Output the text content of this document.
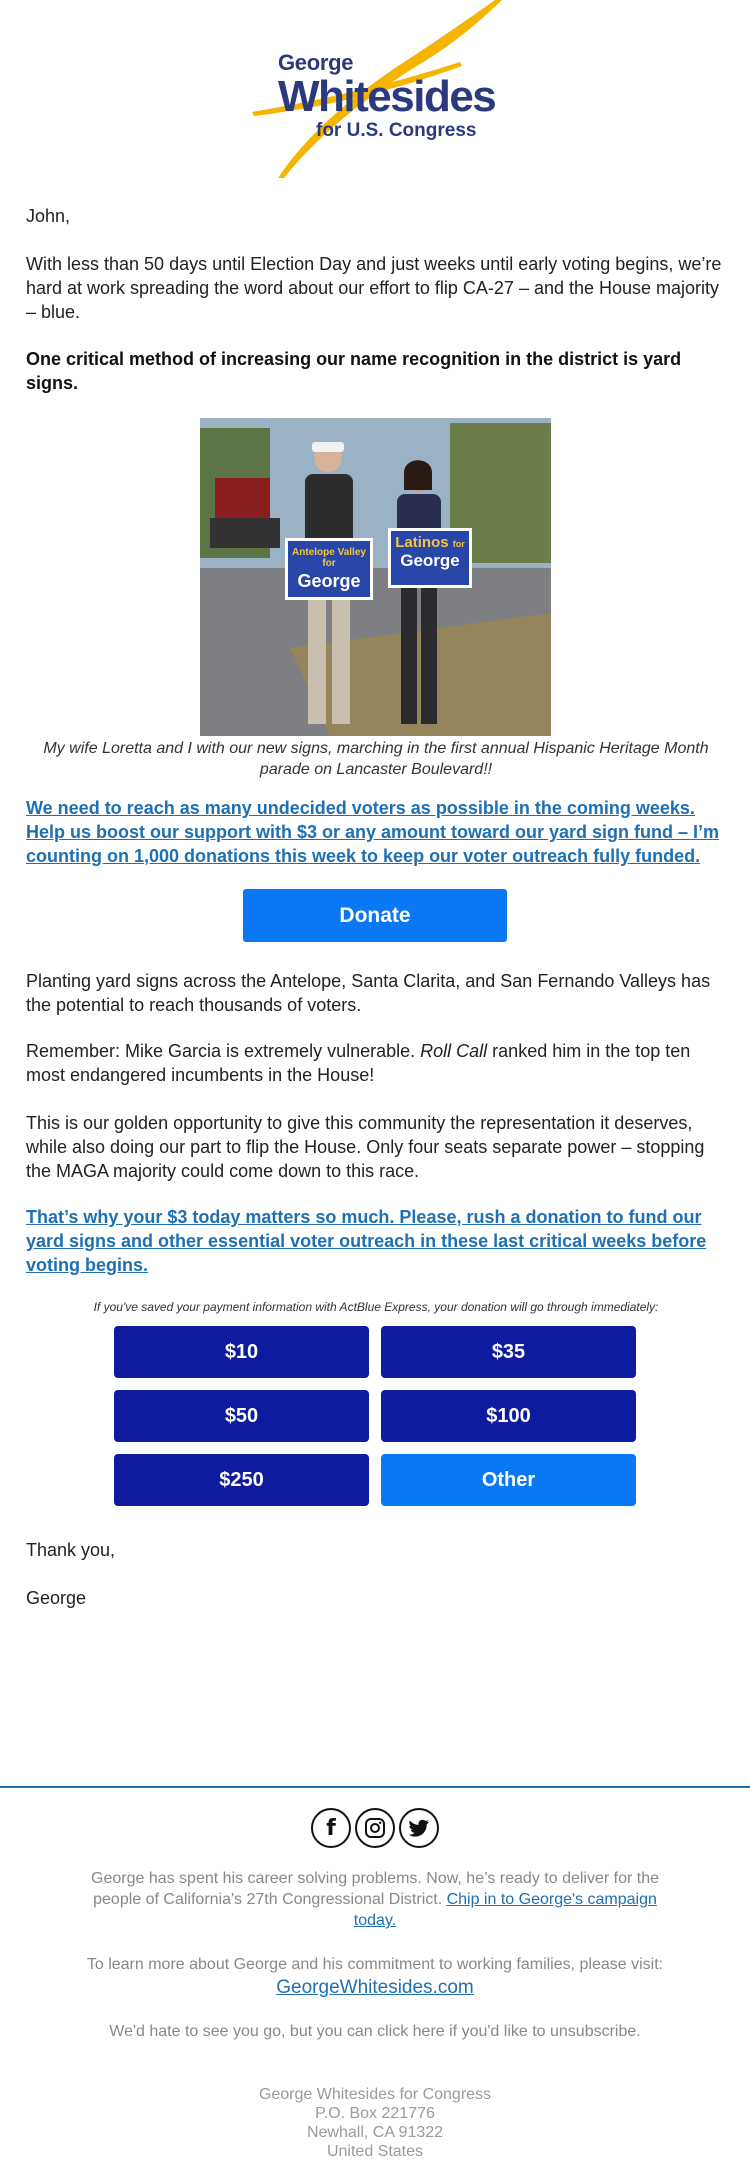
George
Whitesides
for U.S. Congress
John,
With less than 50 days until Election Day and just weeks until early voting begins, we’re hard at work spreading the word about our effort to flip CA-27 – and the House majority – blue.
One critical method of increasing our name recognition in the district is yard signs.
Antelope Valley for
George
Latinos for
George
My wife Loretta and I with our new signs, marching in the first annual Hispanic Heritage Month parade on Lancaster Boulevard!!
We need to reach as many undecided voters as possible in the coming weeks. Help us boost our support with $3 or any amount toward our yard sign fund – I’m counting on 1,000 donations this week to keep our voter outreach fully funded.
Donate
Planting yard signs across the Antelope, Santa Clarita, and San Fernando Valleys has the potential to reach thousands of voters.
Remember: Mike Garcia is extremely vulnerable. Roll Call ranked him in the top ten most endangered incumbents in the House!
This is our golden opportunity to give this community the representation it deserves, while also doing our part to flip the House. Only four seats separate power – stopping the MAGA majority could come down to this race.
That’s why your $3 today matters so much. Please, rush a donation to fund our yard signs and other essential voter outreach in these last critical weeks before voting begins.
If you've saved your payment information with ActBlue Express, your donation will go through immediately:
$10	$35
$50	$100
$250	Other
Thank you,
George
f
George has spent his career solving problems. Now, he’s ready to deliver for the people of California's 27th Congressional District. Chip in to George's campaign today.
To learn more about George and his commitment to working families, please visit:
GeorgeWhitesides.com
We'd hate to see you go, but you can click here if you'd like to unsubscribe.
George Whitesides for Congress
P.O. Box 221776
Newhall, CA 91322
United States
